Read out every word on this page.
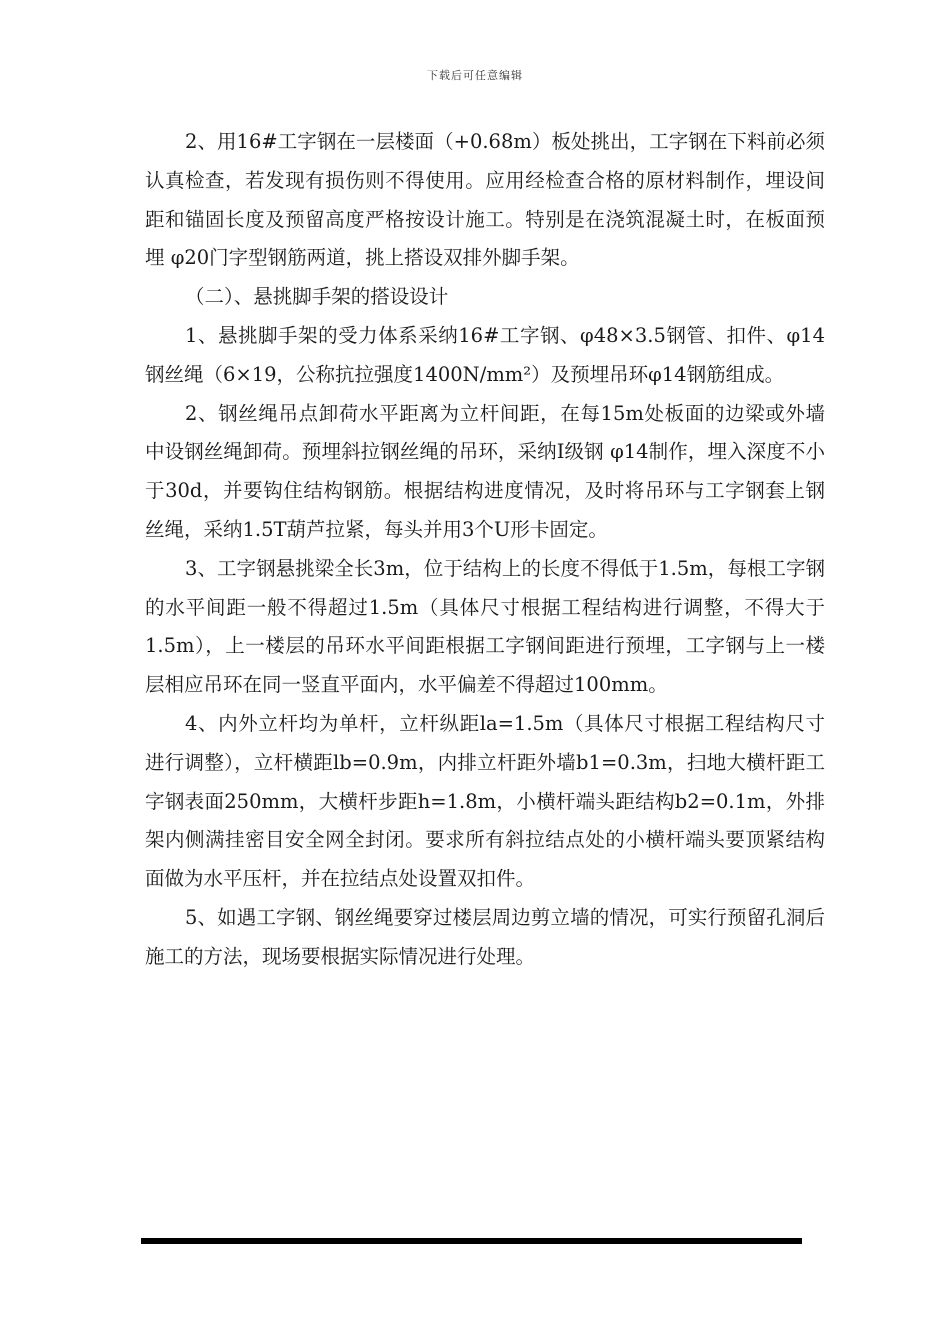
下载后可任意编辑

2、用16#工字钢在一层楼面（+0.68m）板处挑出，工字钢在下料前必须认真检查，若发现有损伤则不得使用。应用经检查合格的原材料制作，埋设间距和锚固长度及预留高度严格按设计施工。特别是在浇筑混凝土时，在板面预埋 φ20门字型钢筋两道，挑上搭设双排外脚手架。

（二）、悬挑脚手架的搭设设计

1、悬挑脚手架的受力体系采纳16#工字钢、φ48×3.5钢管、扣件、φ14钢丝绳（6×19，公称抗拉强度1400N/mm²）及预埋吊环φ14钢筋组成。

2、钢丝绳吊点卸荷水平距离为立杆间距，在每15m处板面的边梁或外墙中设钢丝绳卸荷。预埋斜拉钢丝绳的吊环，采纳Ⅰ级钢 φ14制作，埋入深度不小于30d，并要钩住结构钢筋。根据结构进度情况，及时将吊环与工字钢套上钢丝绳，采纳1.5T葫芦拉紧，每头并用3个U形卡固定。

3、工字钢悬挑梁全长3m，位于结构上的长度不得低于1.5m，每根工字钢的水平间距一般不得超过1.5m（具体尺寸根据工程结构进行调整，不得大于1.5m），上一楼层的吊环水平间距根据工字钢间距进行预埋，工字钢与上一楼层相应吊环在同一竖直平面内，水平偏差不得超过100mm。

4、内外立杆均为单杆，立杆纵距la=1.5m（具体尺寸根据工程结构尺寸进行调整），立杆横距lb=0.9m，内排立杆距外墙b1=0.3m，扫地大横杆距工字钢表面250mm，大横杆步距h=1.8m，小横杆端头距结构b2=0.1m，外排架内侧满挂密目安全网全封闭。要求所有斜拉结点处的小横杆端头要顶紧结构面做为水平压杆，并在拉结点处设置双扣件。

5、如遇工字钢、钢丝绳要穿过楼层周边剪立墙的情况，可实行预留孔洞后施工的方法，现场要根据实际情况进行处理。
